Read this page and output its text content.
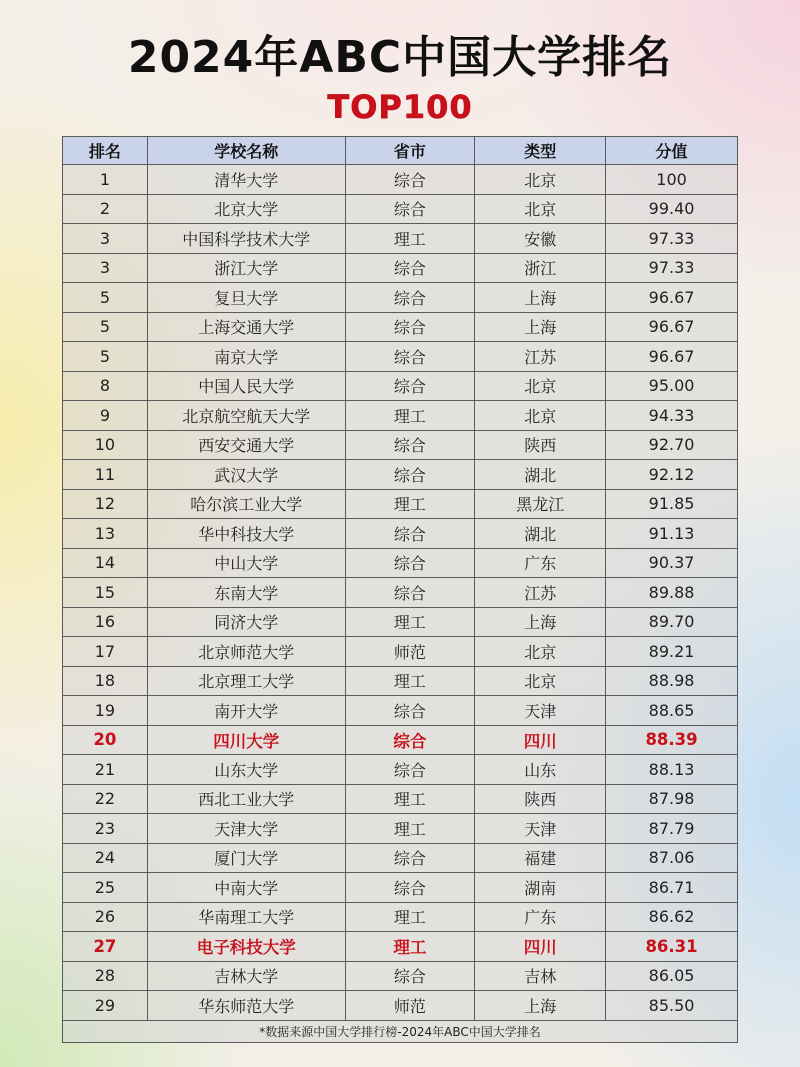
2024年ABC中国大学排名
TOP100
排名	学校名称	省市	类型	分值
1	清华大学	综合	北京	100
2	北京大学	综合	北京	99.40
3	中国科学技术大学	理工	安徽	97.33
3	浙江大学	综合	浙江	97.33
5	复旦大学	综合	上海	96.67
5	上海交通大学	综合	上海	96.67
5	南京大学	综合	江苏	96.67
8	中国人民大学	综合	北京	95.00
9	北京航空航天大学	理工	北京	94.33
10	西安交通大学	综合	陕西	92.70
11	武汉大学	综合	湖北	92.12
12	哈尔滨工业大学	理工	黑龙江	91.85
13	华中科技大学	综合	湖北	91.13
14	中山大学	综合	广东	90.37
15	东南大学	综合	江苏	89.88
16	同济大学	理工	上海	89.70
17	北京师范大学	师范	北京	89.21
18	北京理工大学	理工	北京	88.98
19	南开大学	综合	天津	88.65
20	四川大学	综合	四川	88.39
21	山东大学	综合	山东	88.13
22	西北工业大学	理工	陕西	87.98
23	天津大学	理工	天津	87.79
24	厦门大学	综合	福建	87.06
25	中南大学	综合	湖南	86.71
26	华南理工大学	理工	广东	86.62
27	电子科技大学	理工	四川	86.31
28	吉林大学	综合	吉林	86.05
29	华东师范大学	师范	上海	85.50
*数据来源中国大学排行榜-2024年ABC中国大学排名				
